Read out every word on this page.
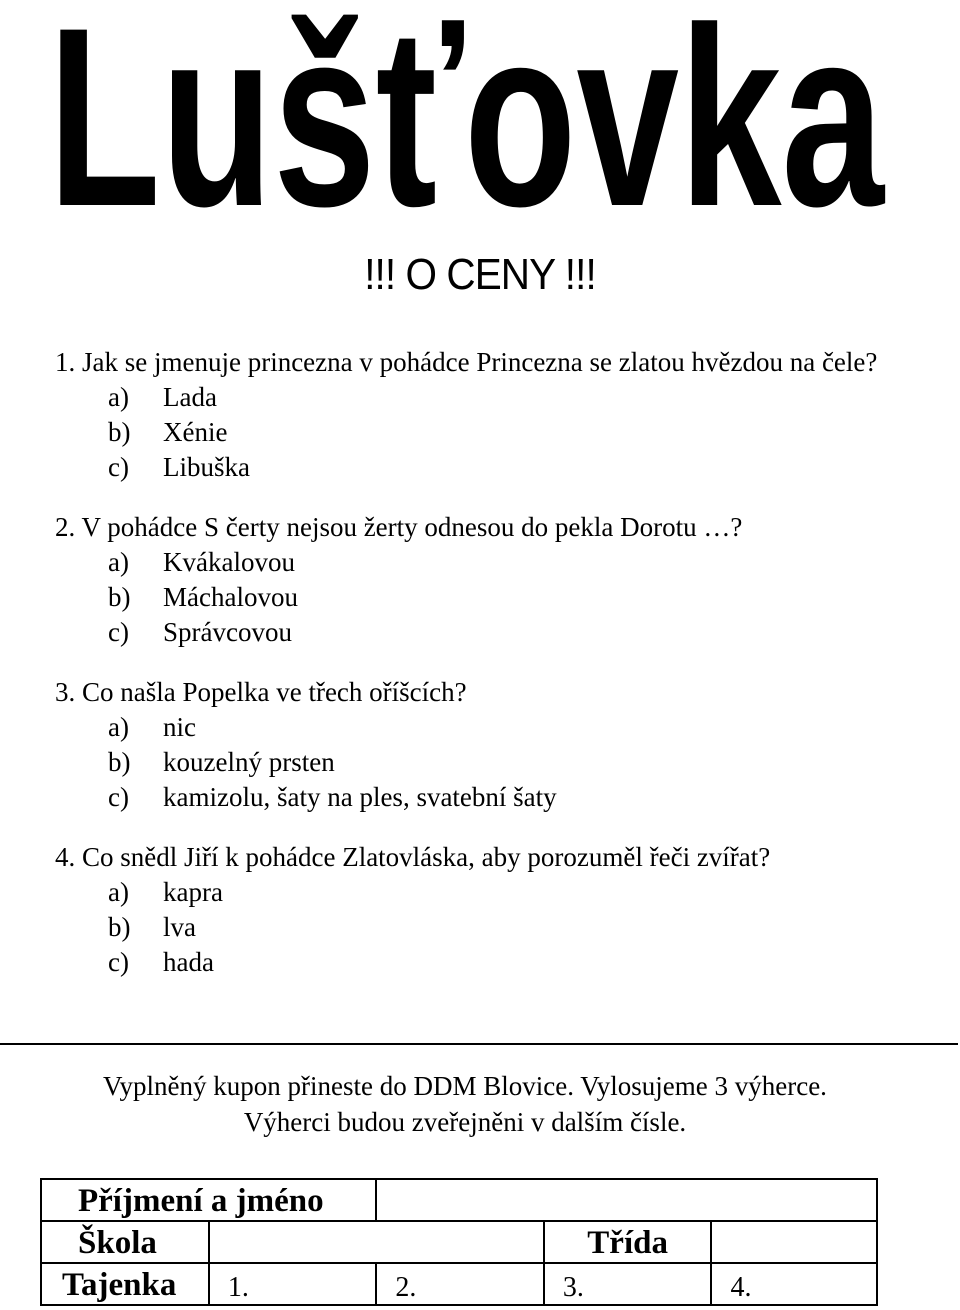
Lušťovka
!!! O CENY !!!
1. Jak se jmenuje princezna v pohádce Princezna se zlatou hvězdou na čele?
a)	Lada
b)	Xénie
c)	Libuška
2. V pohádce S čerty nejsou žerty odnesou do pekla Dorotu …?
a)	Kvákalovou
b)	Máchalovou
c)	Správcovou
3. Co našla Popelka ve třech oříšcích?
a)	nic
b)	kouzelný prsten
c)	kamizolu, šaty na ples, svatební šaty
4. Co snědl Jiří k pohádce Zlatovláska, aby porozuměl řeči zvířat?
a)	kapra
b)	lva
c)	hada
Vyplněný kupon přineste do DDM Blovice. Vylosujeme 3 výherce.
Výherci budou zveřejněni v dalším čísle.
Příjmení a jméno				
Škola			Třída	
Tajenka	1.	2.	3.	4.
